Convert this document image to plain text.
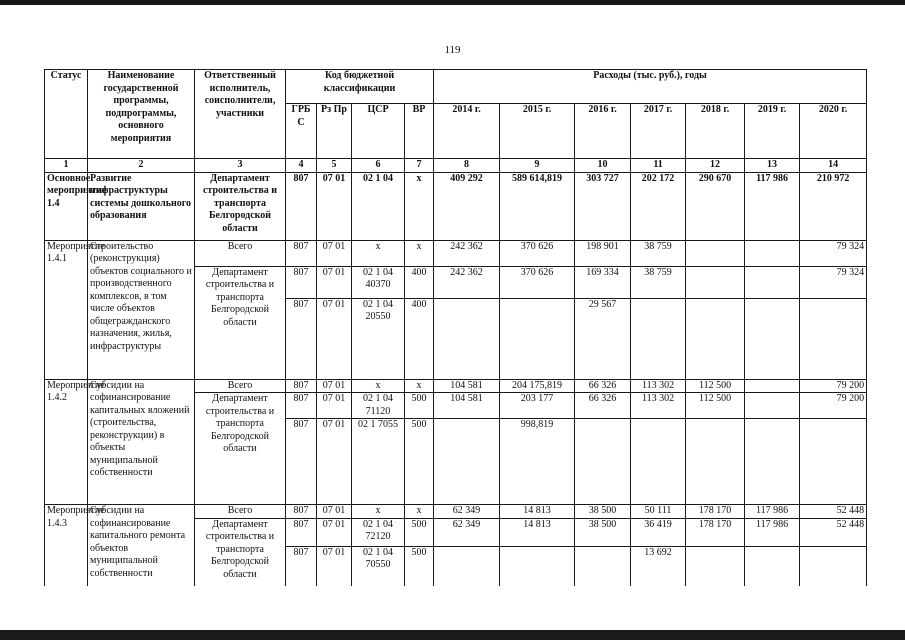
119
Статус	Наименование государственной программы, подпрограммы, основного мероприятия	Ответственный исполнитель, соисполнители, участники	Код бюджетной классификации				Расходы (тыс. руб.), годы						
			ГРБ С	Рз Пр	ЦСР	ВР	2014 г.	2015 г.	2016 г.	2017 г.	2018 г.	2019 г.	2020 г.
1	2	3	4	5	6	7	8	9	10	11	12	13	14
Основное мероприятие 1.4	Развитие инфраструктуры системы дошкольного образования	Департамент строительства и транспорта Белгородской области	807	07 01	02 1 04	х	409 292	589 614,819	303 727	202 172	290 670	117 986	210 972
Мероприятие 1.4.1	Строительство (реконструкция) объектов социального и производственного комплексов, в том числе объектов общегражданского назначения, жилья, инфраструктуры	Всего	807	07 01	х	х	242 362	370 626	198 901	38 759			79 324
		Департамент строительства и транспорта Белгородской области	807	07 01	02 1 04 40370	400	242 362	370 626	169 334	38 759			79 324
			807	07 01	02 1 04 20550	400			29 567				
Мероприятие 1.4.2	Субсидии на софинансирование капитальных вложений (строительства, реконструкции) в объекты муниципальной собственности	Всего	807	07 01	х	х	104 581	204 175,819	66 326	113 302	112 500		79 200
		Департамент строительства и транспорта Белгородской области	807	07 01	02 1 04 71120	500	104 581	203 177	66 326	113 302	112 500		79 200
			807	07 01	02 1 7055	500		998,819					
Мероприятие 1.4.3	Субсидии на софинансирование капитального ремонта объектов муниципальной собственности	Всего	807	07 01	х	х	62 349	14 813	38 500	50 111	178 170	117 986	52 448
		Департамент строительства и транспорта Белгородской области	807	07 01	02 1 04 72120	500	62 349	14 813	38 500	36 419	178 170	117 986	52 448
			807	07 01	02 1 04 70550	500				13 692			
